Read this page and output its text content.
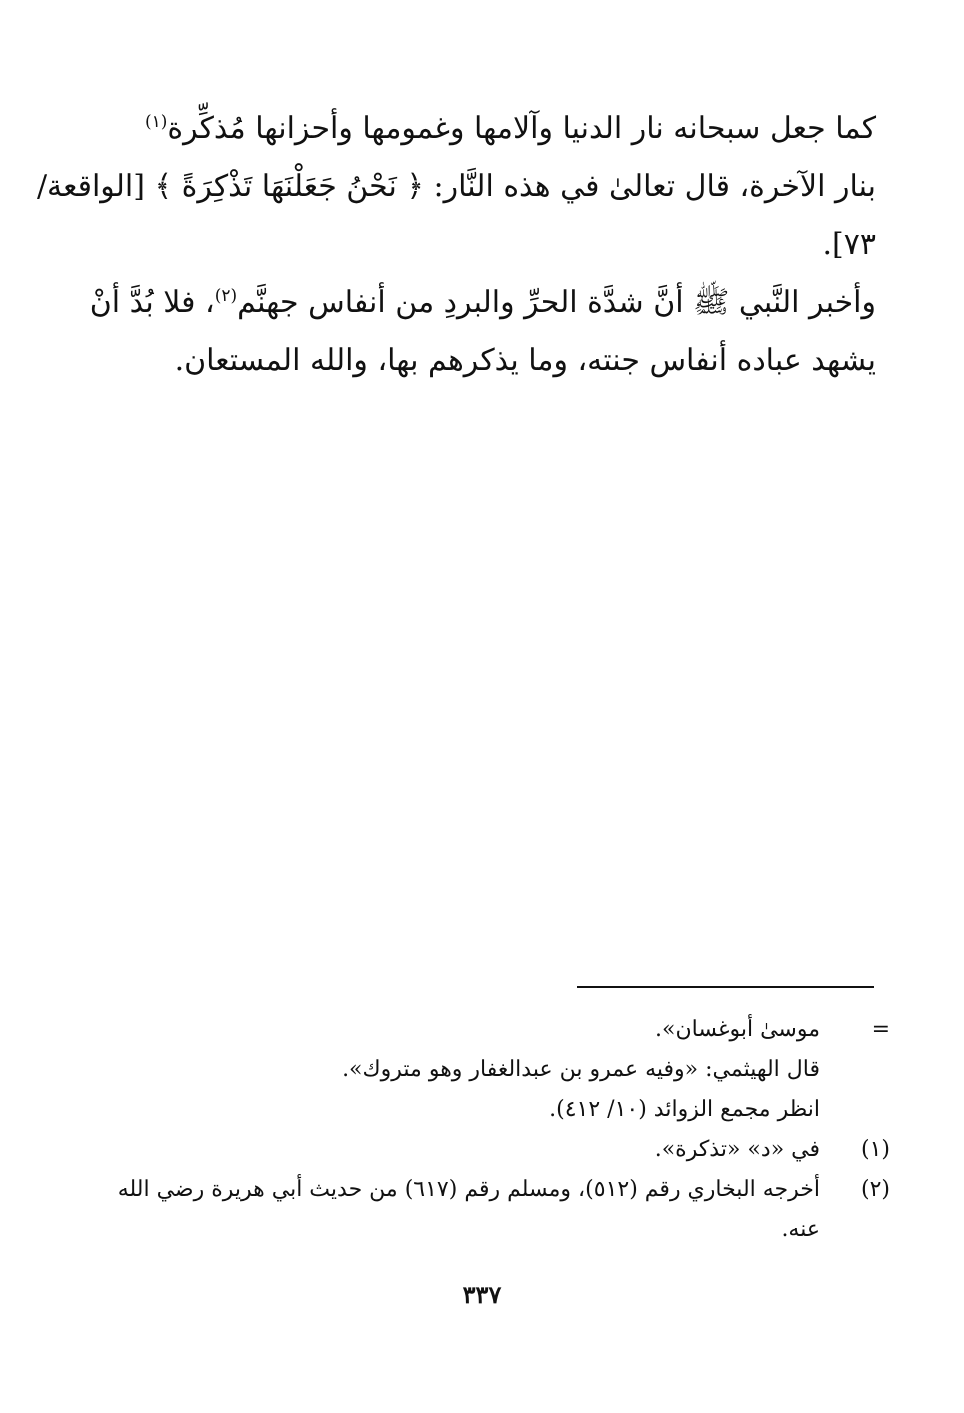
كما جعل سبحانه نار الدنيا وآلامها وغمومها وأحزانها مُذكِّرة$^{(١)}$
بنار الآخرة، قال تعالىٰ في هذه النَّار: ﴿ نَحْنُ جَعَلْنَهَا تَذْكِرَةً ﴾ [الواقعة/
٧٣].

وأخبر النَّبي ﷺ أنَّ شدَّة الحرِّ والبردِ من أنفاس جهنَّم$^{(٢)}$، فلا بُدَّ أنْ
يشهد عباده أنفاس جنته، وما يذكرهم بها، والله المستعان.

=
موسىٰ أبوغسان».
قال الهيثمي: «وفيه عمرو بن عبدالغفار وهو متروك».
انظر مجمع الزوائد (١٠/ ٤١٢).
(١)
في «د» «تذكرة».
(٢)
أخرجه البخاري رقم (٥١٢)، ومسلم رقم (٦١٧) من حديث أبي هريرة رضي الله
عنه.
٣٣٧
